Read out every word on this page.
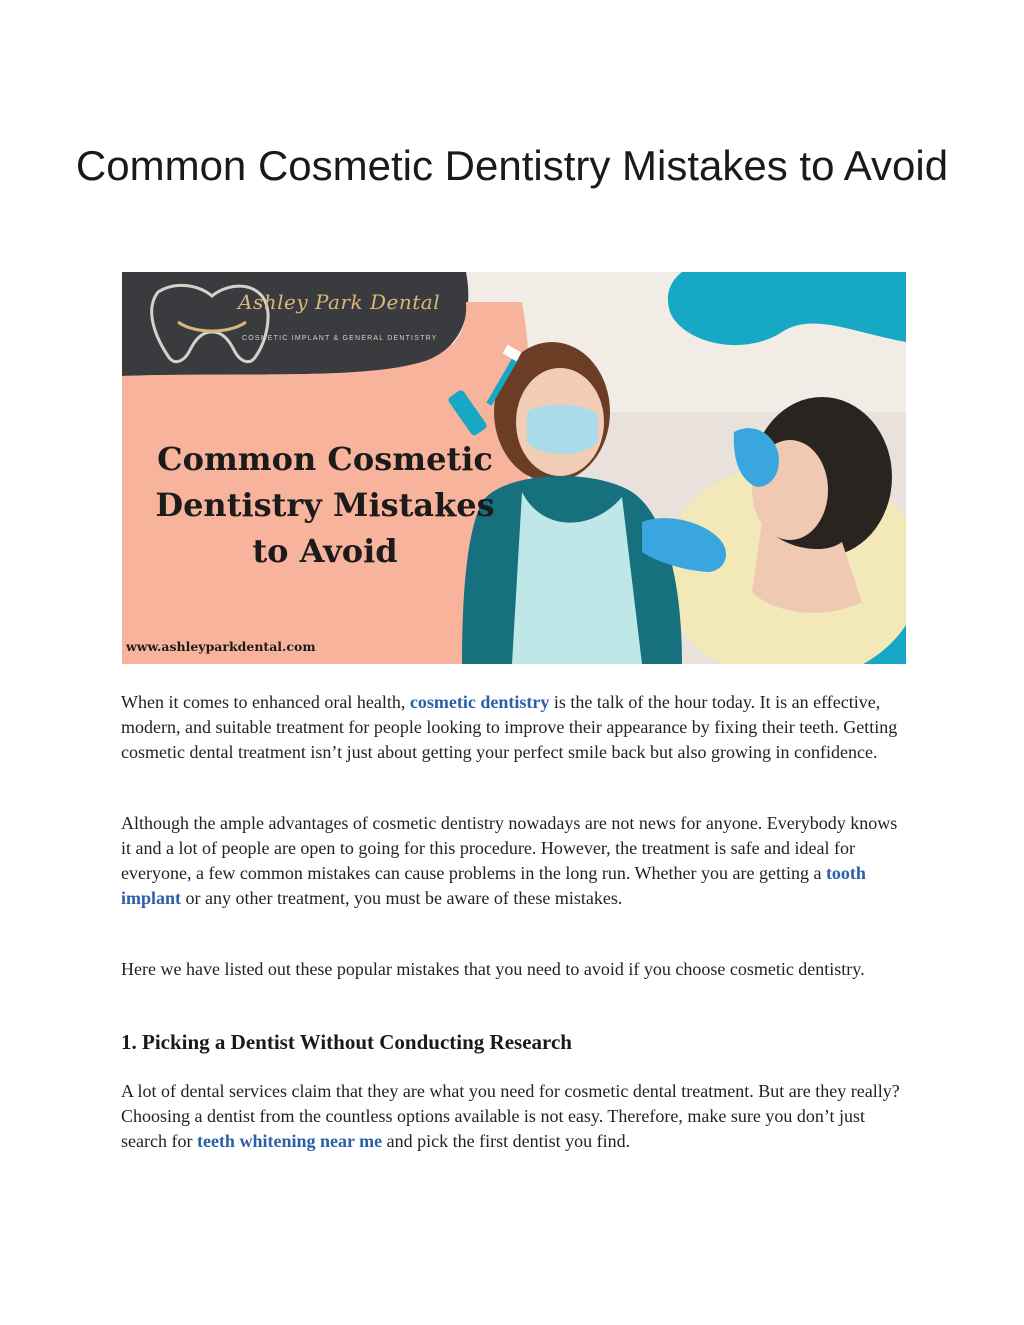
Common Cosmetic Dentistry Mistakes to Avoid
Ashley Park Dental
COSMETIC IMPLANT & GENERAL DENTISTRY
Common Cosmetic Dentistry Mistakes to Avoid
www.ashleyparkdental.com

When it comes to enhanced oral health, cosmetic dentistry is the talk of the hour today. It is an effective, modern, and suitable treatment for people looking to improve their appearance by fixing their teeth. Getting cosmetic dental treatment isn’t just about getting your perfect smile back but also growing in confidence.

Although the ample advantages of cosmetic dentistry nowadays are not news for anyone. Everybody knows it and a lot of people are open to going for this procedure. However, the treatment is safe and ideal for everyone, a few common mistakes can cause problems in the long run. Whether you are getting a tooth implant or any other treatment, you must be aware of these mistakes.

Here we have listed out these popular mistakes that you need to avoid if you choose cosmetic dentistry.

1. Picking a Dentist Without Conducting Research

A lot of dental services claim that they are what you need for cosmetic dental treatment. But are they really? Choosing a dentist from the countless options available is not easy. Therefore, make sure you don’t just search for teeth whitening near me and pick the first dentist you find.
